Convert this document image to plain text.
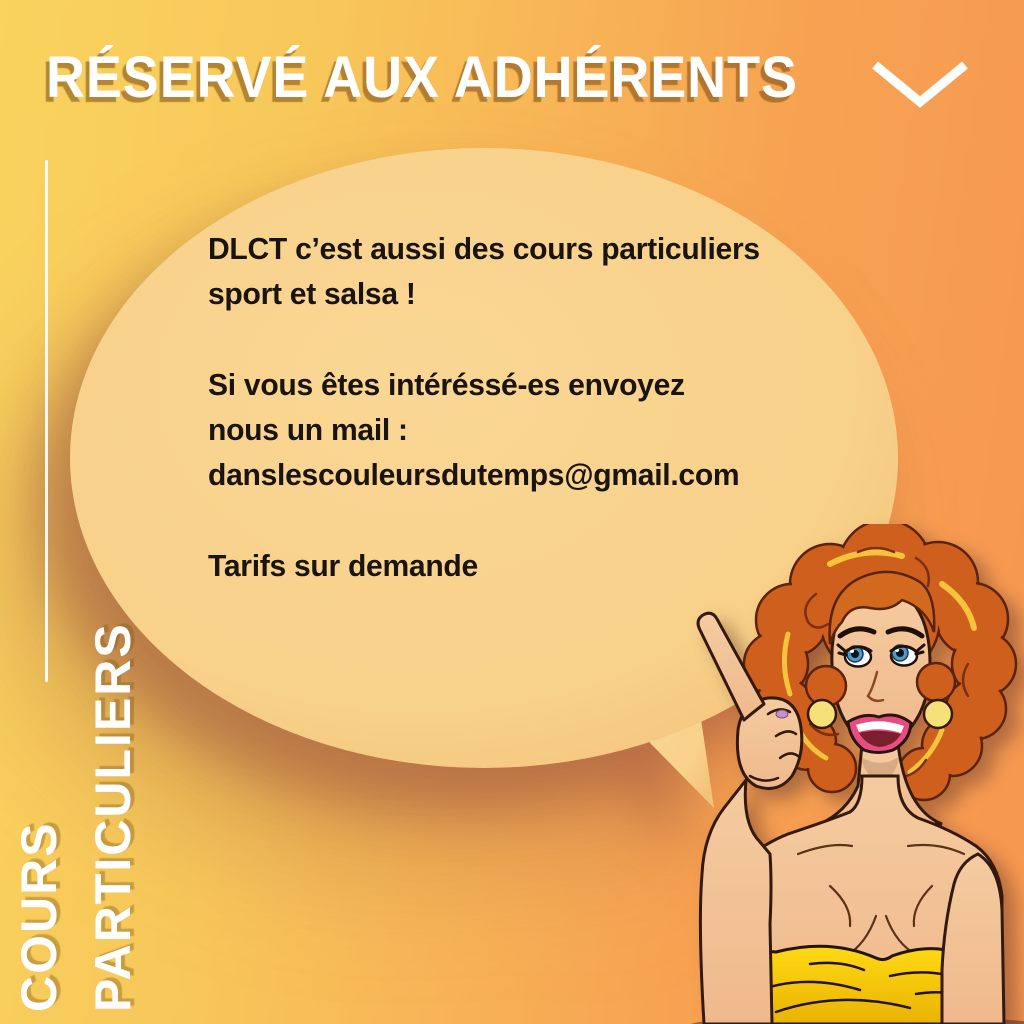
DLCT c’est aussi des cours particuliers
sport et salsa !
Si vous êtes intéréssé-es envoyez
nous un mail :
danslescouleursdutemps@gmail.com
Tarifs sur demande
RÉSERVÉ AUX ADHÉRENTS
COURS PARTICULIERS
